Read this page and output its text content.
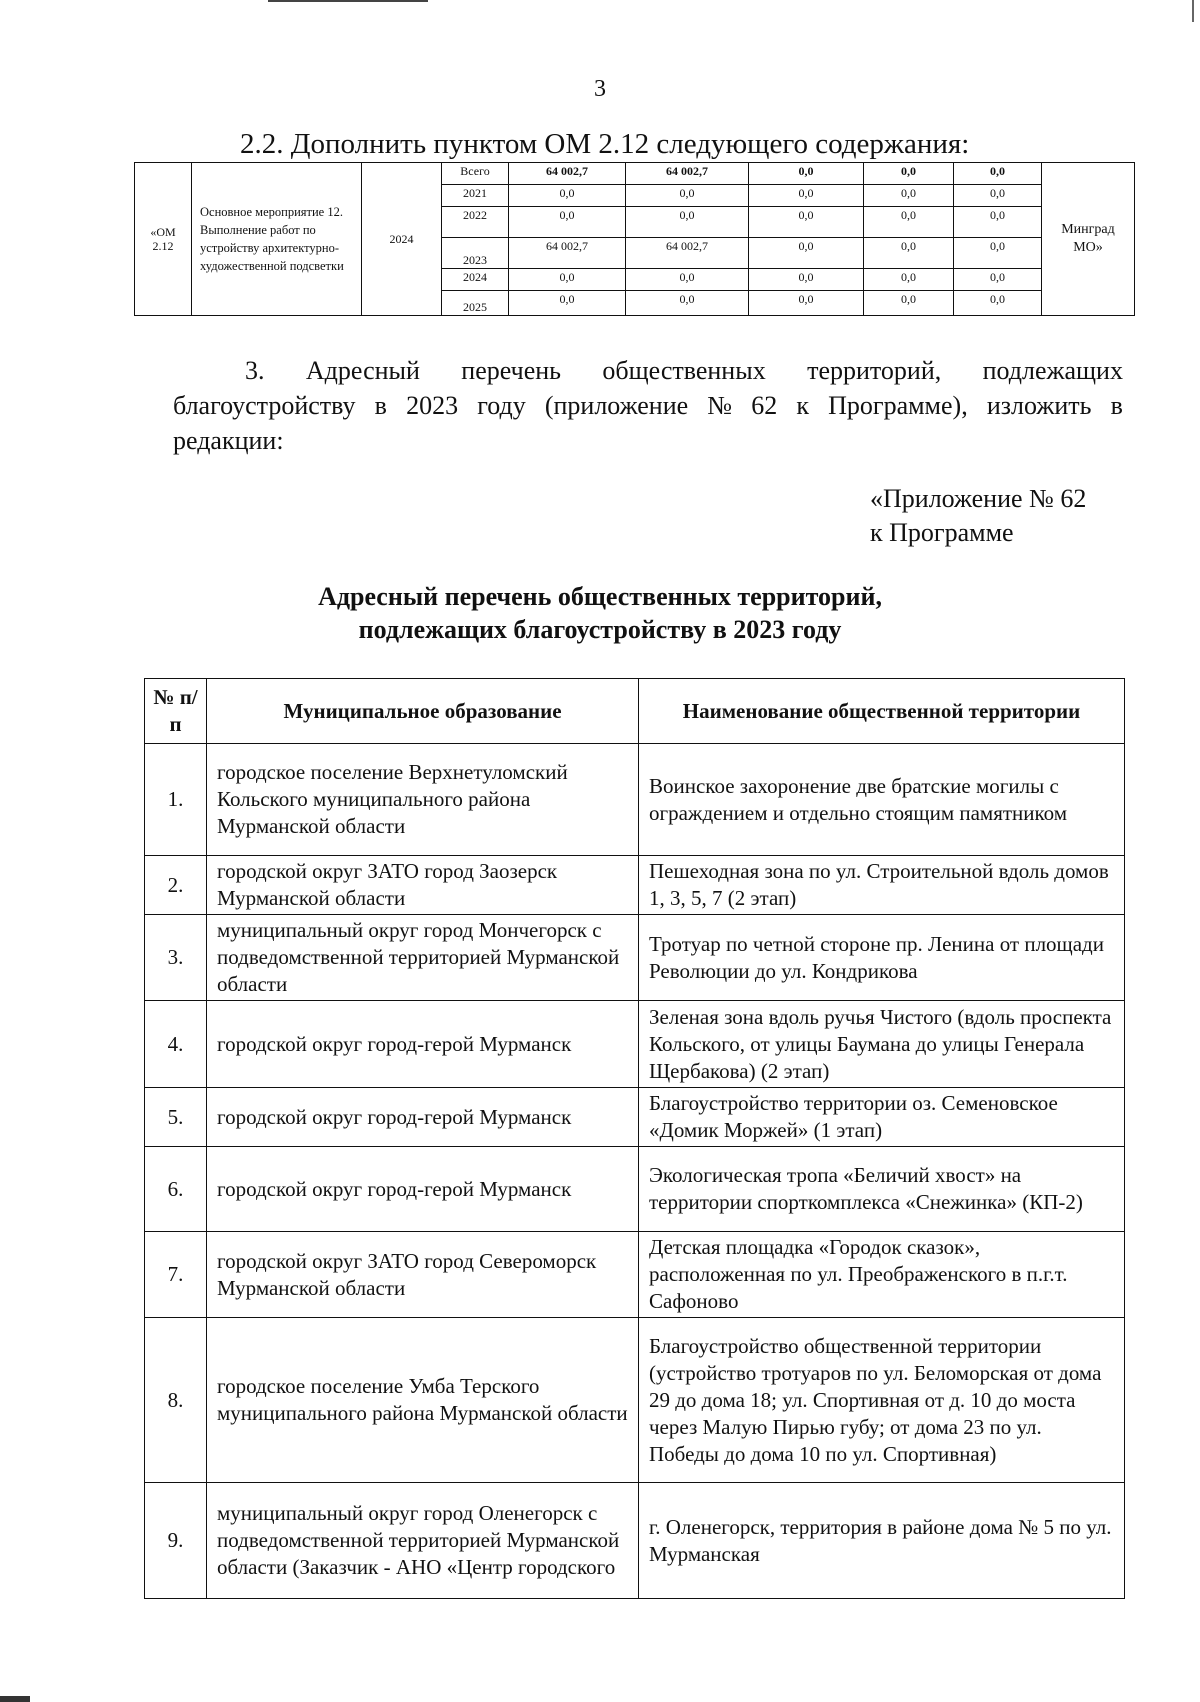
3
2.2. Дополнить пунктом ОМ 2.12 следующего содержания:
«ОМ 2.12	Основное мероприятие 12. Выполнение работ по устройству архитектурно-художественной подсветки	2024	Всего	64 002,7	64 002,7	0,0	0,0	0,0	Минград МО»
			2021	0,0	0,0	0,0	0,0	0,0	
			2022	0,0	0,0	0,0	0,0	0,0	
			2023	64 002,7	64 002,7	0,0	0,0	0,0	
			2024	0,0	0,0	0,0	0,0	0,0	
			2025	0,0	0,0	0,0	0,0	0,0	
3. Адресный перечень общественных территорий, подлежащих
благоустройству в 2023 году (приложение № 62 к Программе), изложить в
редакции:
«Приложение № 62
к Программе
Адресный перечень общественных территорий,
подлежащих благоустройству в 2023 году
№ п/п	Муниципальное образование	Наименование общественной территории
1.	городское поселение Верхнетуломский Кольского муниципального района Мурманской области	Воинское захоронение две братские могилы с ограждением и отдельно стоящим памятником
2.	городской округ ЗАТО город Заозерск Мурманской области	Пешеходная зона по ул. Строительной вдоль домов 1, 3, 5, 7 (2 этап)
3.	муниципальный округ город Мончегорск с подведомственной территорией Мурманской области	Тротуар по четной стороне пр. Ленина от площади Революции до ул. Кондрикова
4.	городской округ город-герой Мурманск	Зеленая зона вдоль ручья Чистого (вдоль проспекта Кольского, от улицы Баумана до улицы Генерала Щербакова) (2 этап)
5.	городской округ город-герой Мурманск	Благоустройство территории оз. Семеновское «Домик Моржей» (1 этап)
6.	городской округ город-герой Мурманск	Экологическая тропа «Беличий хвост» на территории спорткомплекса «Снежинка» (КП-2)
7.	городской округ ЗАТО город Североморск Мурманской области	Детская площадка «Городок сказок», расположенная по ул. Преображенского в п.г.т. Сафоново
8.	городское поселение Умба Терского муниципального района Мурманской области	Благоустройство общественной территории (устройство тротуаров по ул. Беломорская от дома 29 до дома 18; ул. Спортивная от д. 10 до моста через Малую Пирью губу; от дома 23 по ул. Победы до дома 10 по ул. Спортивная)
9.	муниципальный округ город Оленегорск с подведомственной территорией Мурманской области (Заказчик - АНО «Центр городского	г. Оленегорск, территория в районе дома № 5 по ул. Мурманская
